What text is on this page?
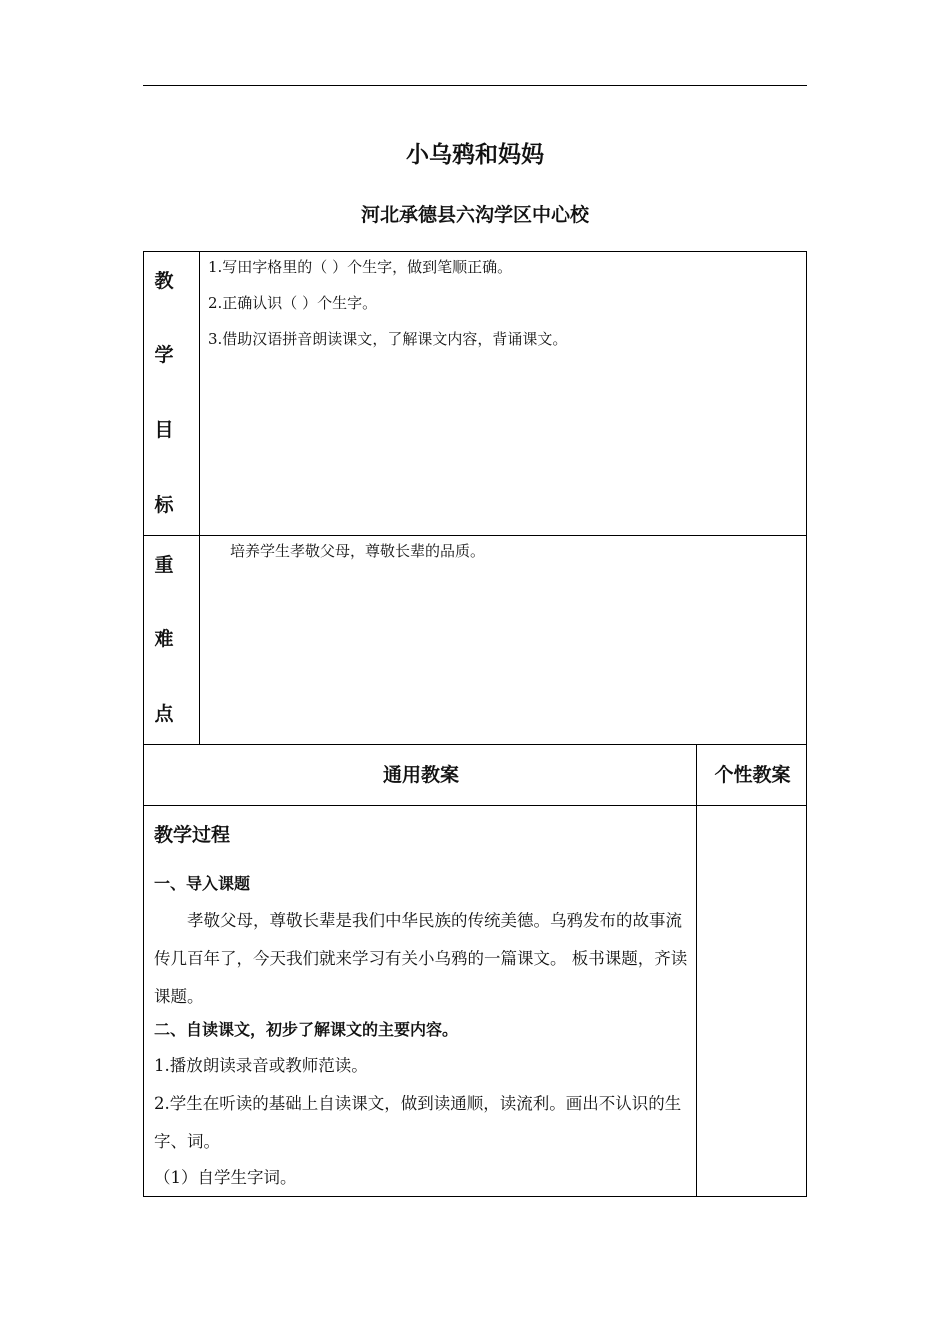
小乌鸦和妈妈
河北承德县六沟学区中心校
教
学
目
标
1.写田字格里的（ ）个生字，做到笔顺正确。
2.正确认识（ ）个生字。
3.借助汉语拼音朗读课文，了解课文内容，背诵课文。
重
难
点
培养学生孝敬父母，尊敬长辈的品质。
通用教案	个性教案
教学过程
一、导入课题
孝敬父母，尊敬长辈是我们中华民族的传统美德。乌鸦发布的故事流传几百年了，今天我们就来学习有关小乌鸦的一篇课文。 板书课题，齐读课题。
二、自读课文，初步了解课文的主要内容。
1.播放朗读录音或教师范读。
2.学生在听读的基础上自读课文，做到读通顺，读流利。画出不认识的生字、词。
（1）自学生字词。
